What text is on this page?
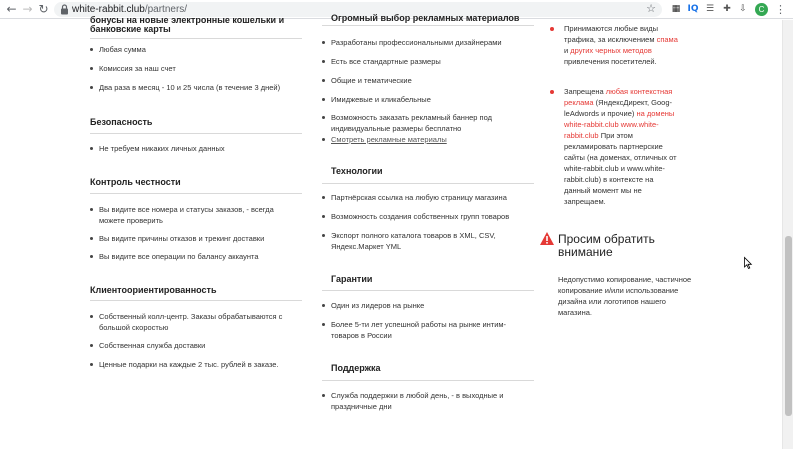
← → ↻ white-rabbit.club/partners/	☆ ▦ IQ ☰ ✚ ⇩	C ⋮
бонусы на новые электронные кошельки и
банковские карты
Любая сумма
Комиссия за наш счет
Два раза в месяц - 10 и 25 числа (в течение 3 дней)
Безопасность
Не требуем никаких личных данных
Контроль честности
Вы видите все номера и статусы заказов, - всегда можете проверить
Вы видите причины отказов и трекинг доставки
Вы видите все операции по балансу аккаунта
Клиентоориентированность
Собственный колл-центр. Заказы обрабатываются с большой скоростью
Собственная служба доставки
Ценные подарки на каждые 2 тыс. рублей в заказе.
Огромный выбор рекламных материалов
Разработаны профессиональными дизайнерами
Есть все стандартные размеры
Общие и тематические
Имиджевые и кликабельные
Возможность заказать рекламный баннер под индивидуальные размеры бесплатно
Смотреть рекламные материалы
Технологии
Партнёрская ссылка на любую страницу магазина
Возможность создания собственных групп товаров
Экспорт полного каталога товаров в XML, CSV, Яндекс.Маркет YML
Гарантии
Один из лидеров на рынке
Более 5-ти лет успешной работы на рынке интим-товаров в России
Поддержка
Служба поддержки в любой день, - в выходные и праздничные дни
Принимаются любые виды трафика, за исключением спама и других черных методов привлечения посетителей.
Запрещена любая контекстная реклама (ЯндексДирект, Goog-leAdwords и прочие) на домены white-rabbit.club www.white-rabbit.club При этом рекламировать партнерские сайты (на доменах, отличных от white-rabbit.club и www.white-rabbit.club) в контексте на данный момент мы не запрещаем.
Просим обратить внимание
Недопустимо копирование, частичное копирование и/или использование дизайна или логотипов нашего магазина.
